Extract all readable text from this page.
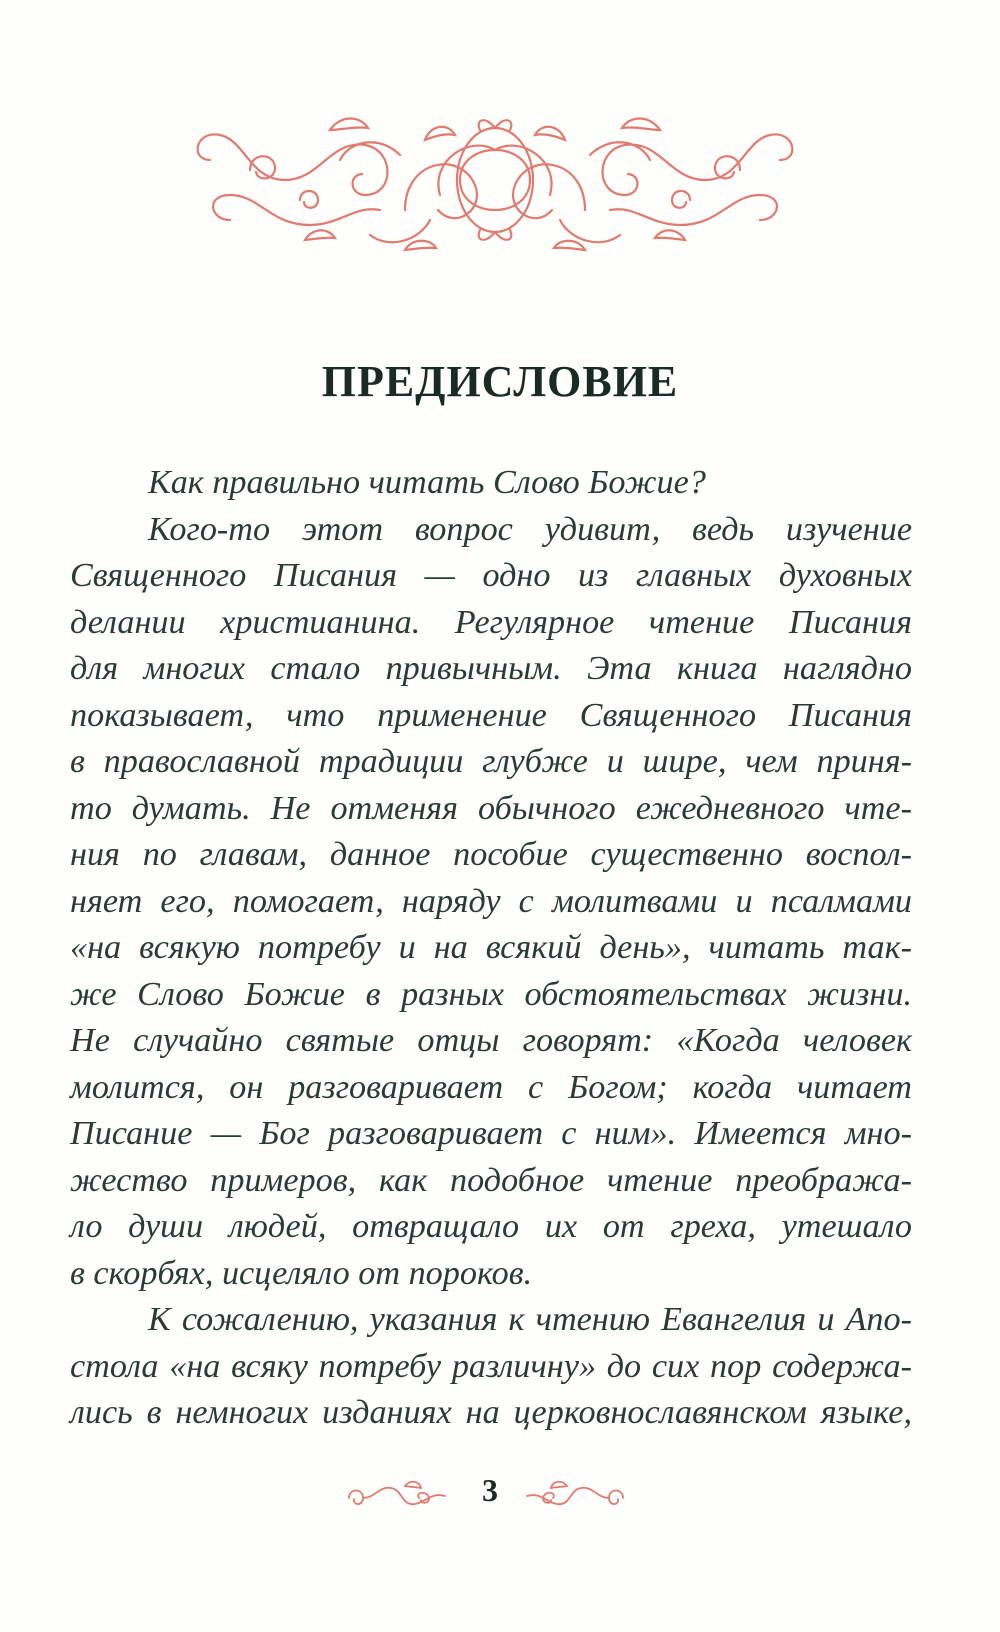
ПРЕДИСЛОВИЕ
Как правильно читать Слово Божие?
Кого-то этот вопрос удивит, ведь изучение
Священного Писания — одно из главных духовных
делании христианина. Регулярное чтение Писания
для многих стало привычным. Эта книга наглядно
показывает, что применение Священного Писания
в православной традиции глубже и шире, чем приня-
то думать. Не отменяя обычного ежедневного чте-
ния по главам, данное пособие существенно воспол-
няет его, помогает, наряду с молитвами и псалмами
«на всякую потребу и на всякий день», читать так-
же Слово Божие в разных обстоятельствах жизни.
Не случайно святые отцы говорят: «Когда человек
молится, он разговаривает с Богом; когда читает
Писание — Бог разговаривает с ним». Имеется мно-
жество примеров, как подобное чтение преобража-
ло души людей, отвращало их от греха, утешало
в скорбях, исцеляло от пороков.
К сожалению, указания к чтению Евангелия и Апо-
стола «на всяку потребу различну» до сих пор содержа-
лись в немногих изданиях на церковнославянском языке,
3
